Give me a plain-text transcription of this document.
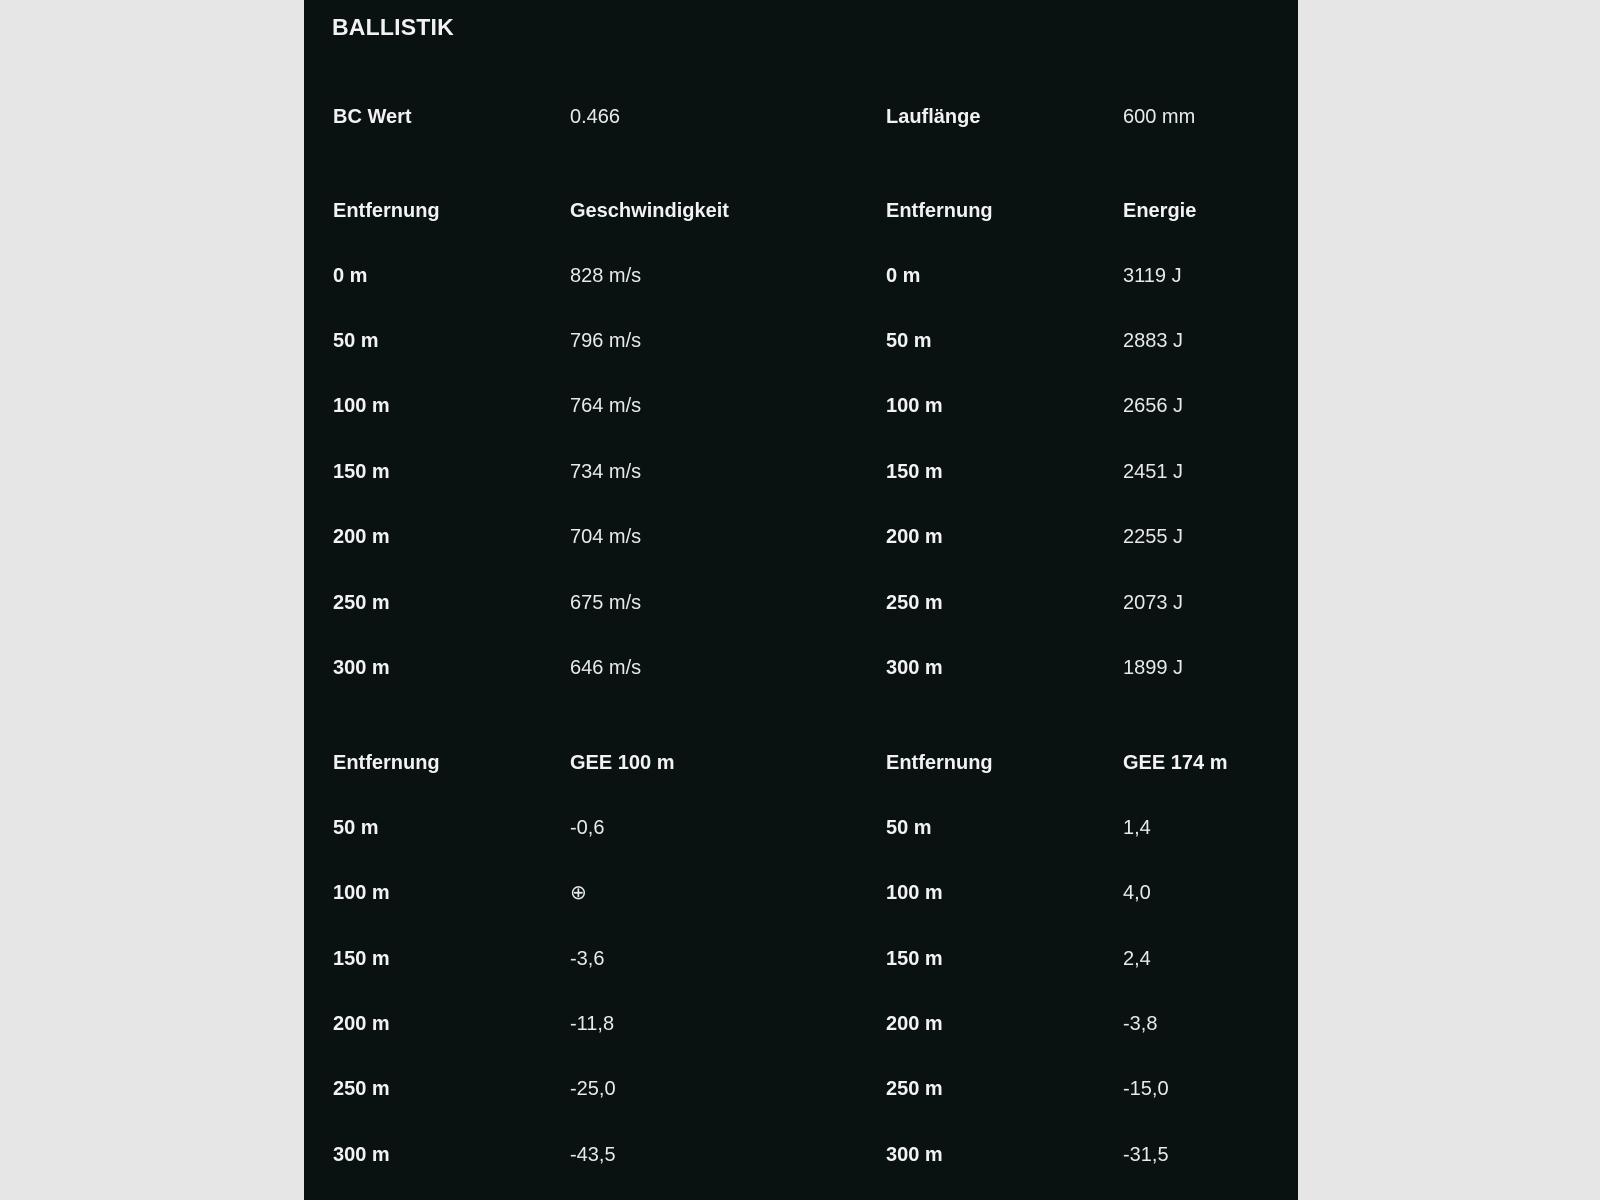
BALLISTIK
BC Wert	0.466	Lauflänge	600 mm
Entfernung	Geschwindigkeit	Entfernung	Energie
0 m	828 m/s	0 m	3119 J
50 m	796 m/s	50 m	2883 J
100 m	764 m/s	100 m	2656 J
150 m	734 m/s	150 m	2451 J
200 m	704 m/s	200 m	2255 J
250 m	675 m/s	250 m	2073 J
300 m	646 m/s	300 m	1899 J
Entfernung	GEE 100 m	Entfernung	GEE 174 m
50 m	-0,6	50 m	1,4
100 m	⊕	100 m	4,0
150 m	-3,6	150 m	2,4
200 m	-11,8	200 m	-3,8
250 m	-25,0	250 m	-15,0
300 m	-43,5	300 m	-31,5
